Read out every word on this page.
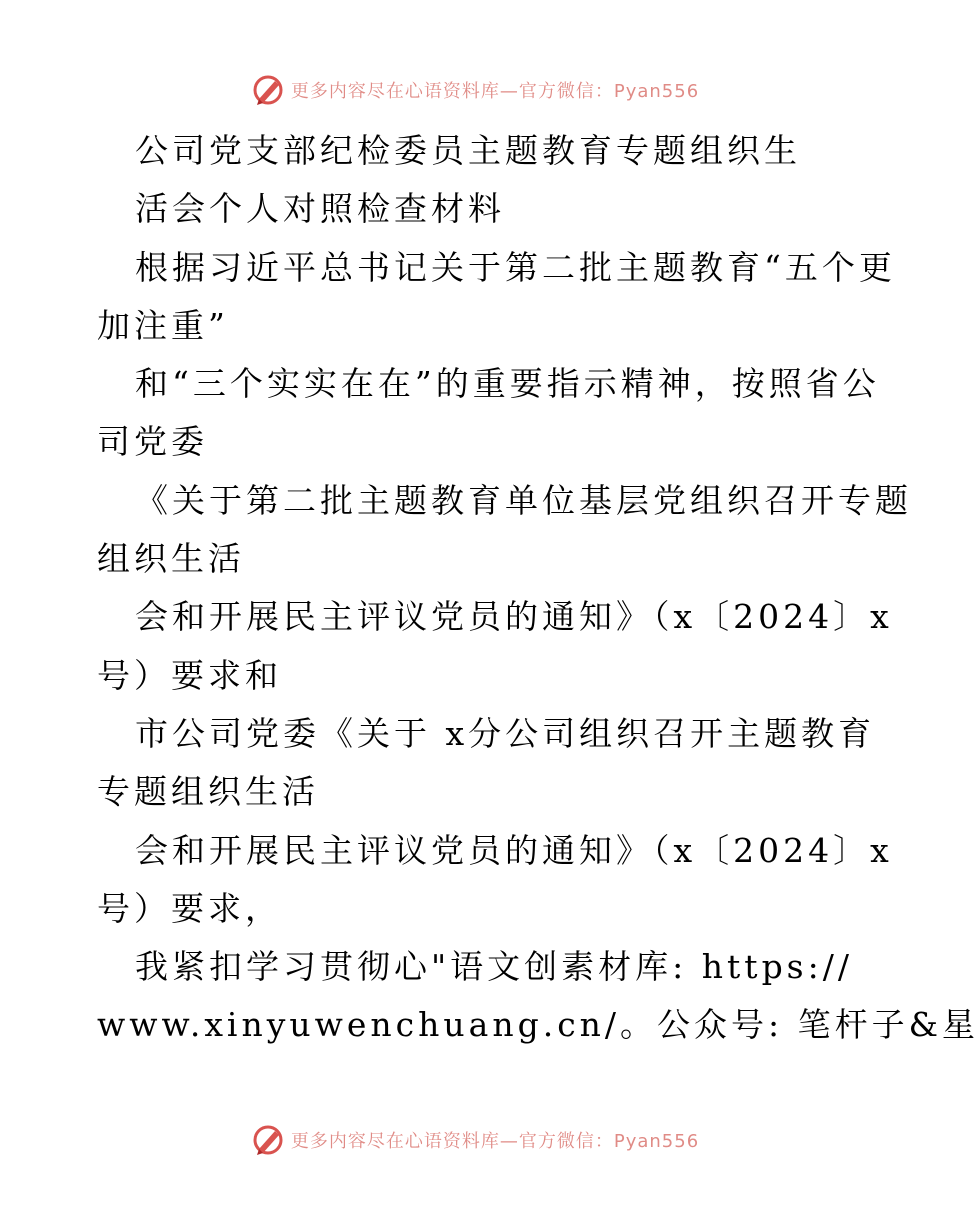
更多内容尽在心语资料库—官方微信：Pyan556
公司党支部纪检委员主题教育专题组织生
活会个人对照检查材料
根据习近平总书记关于第二批主题教育“五个更
加注重”
和“三个实实在在”的重要指示精神，按照省公
司党委
《关于第二批主题教育单位基层党组织召开专题
组织生活
会和开展民主评议党员的通知》（x〔2024〕x
号）要求和
市公司党委《关于 x分公司组织召开主题教育
专题组织生活
会和开展民主评议党员的通知》（x〔2024〕x
号）要求，
我紧扣学习贯彻心"语文创素材库: https://
www.xinyuwenchuang.cn/。公众号: 笔杆子&星
更多内容尽在心语资料库—官方微信：Pyan556
